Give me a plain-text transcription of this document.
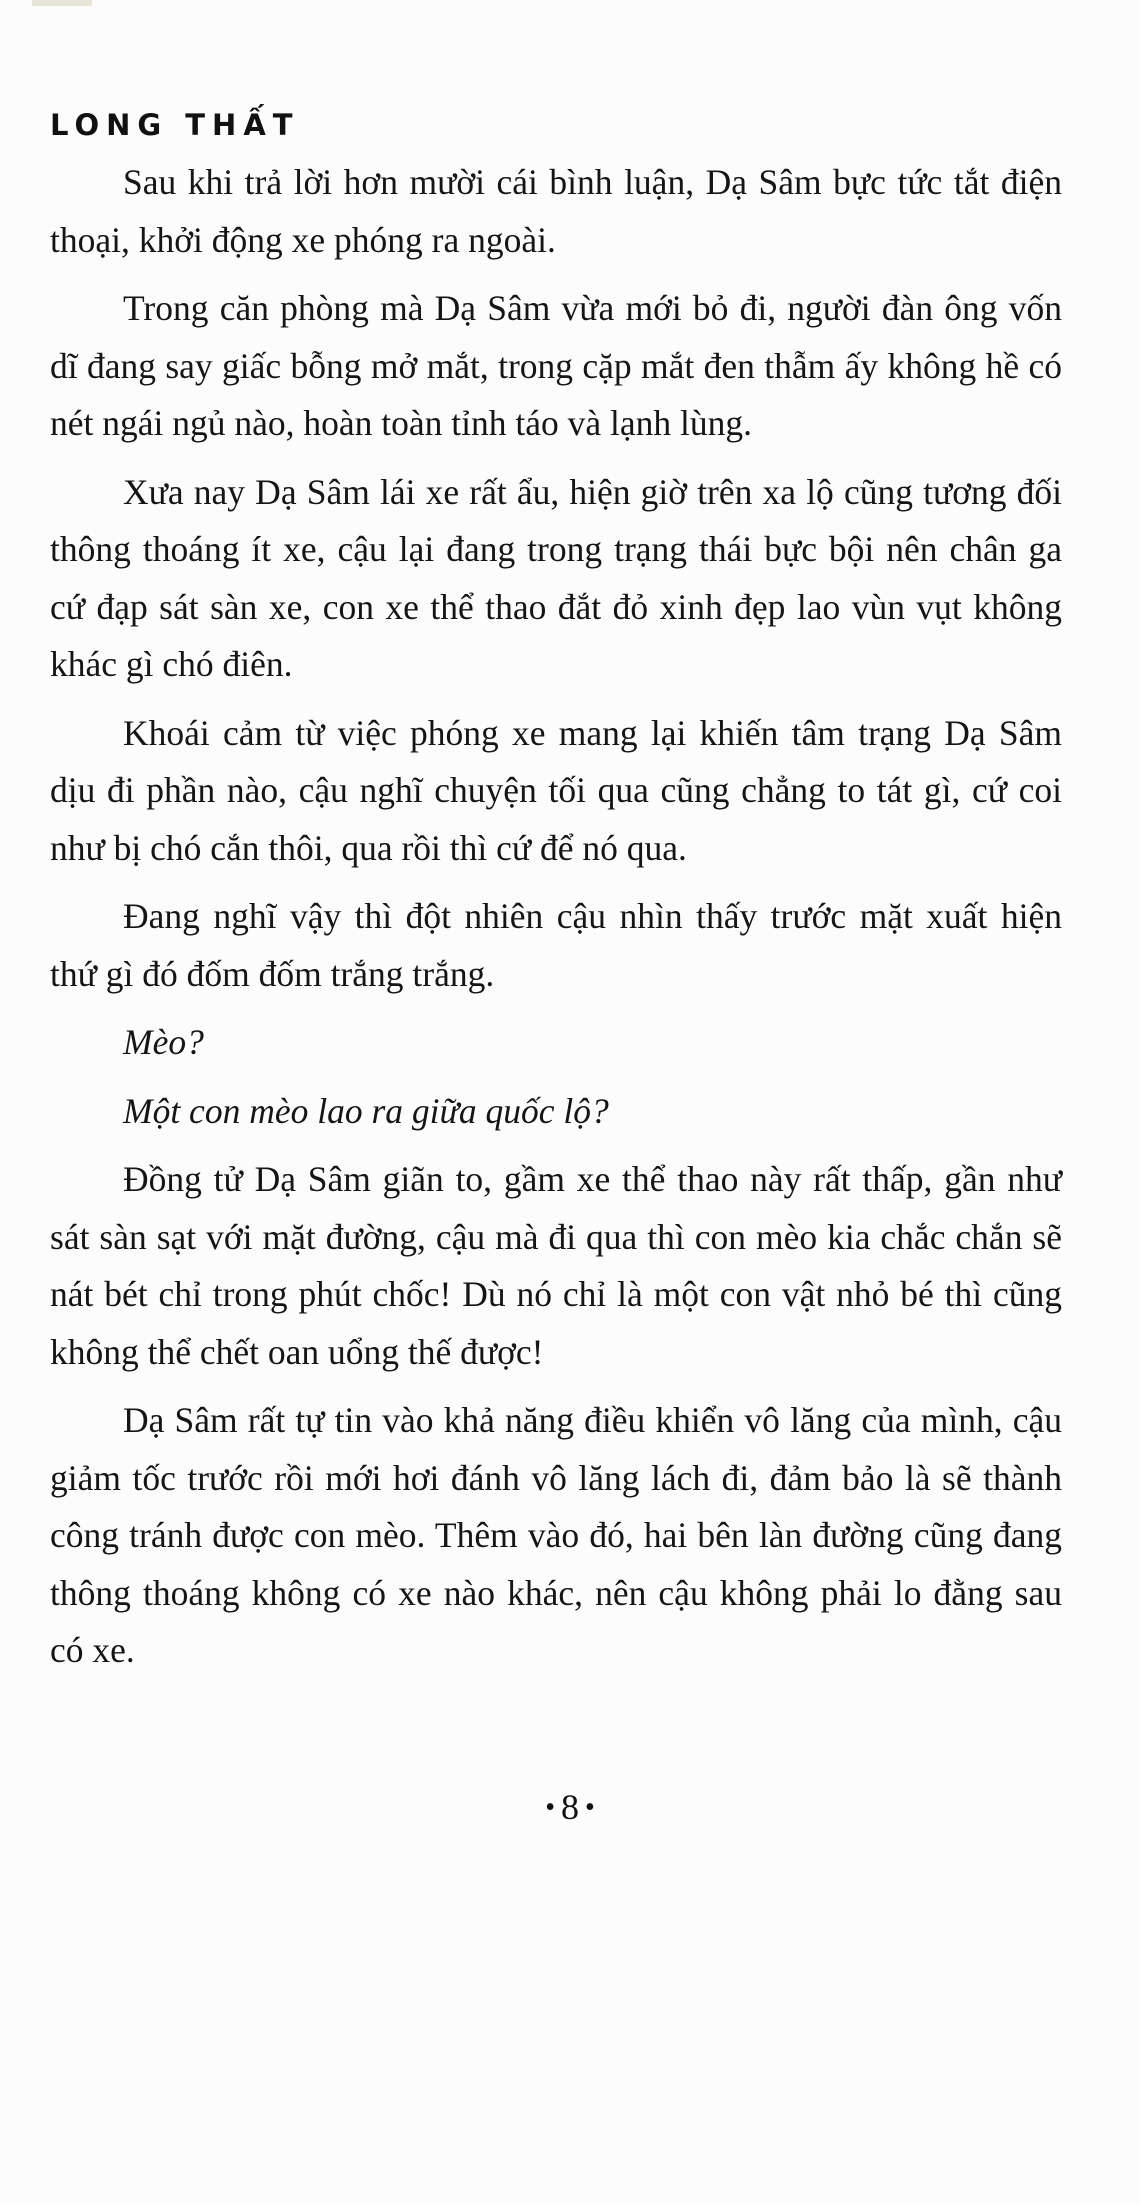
LONG THẤT

Sau khi trả lời hơn mười cái bình luận, Dạ Sâm bực tức tắt điện thoại, khởi động xe phóng ra ngoài.

Trong căn phòng mà Dạ Sâm vừa mới bỏ đi, người đàn ông vốn dĩ đang say giấc bỗng mở mắt, trong cặp mắt đen thẫm ấy không hề có nét ngái ngủ nào, hoàn toàn tỉnh táo và lạnh lùng.

Xưa nay Dạ Sâm lái xe rất ẩu, hiện giờ trên xa lộ cũng tương đối thông thoáng ít xe, cậu lại đang trong trạng thái bực bội nên chân ga cứ đạp sát sàn xe, con xe thể thao đắt đỏ xinh đẹp lao vùn vụt không khác gì chó điên.

Khoái cảm từ việc phóng xe mang lại khiến tâm trạng Dạ Sâm dịu đi phần nào, cậu nghĩ chuyện tối qua cũng chẳng to tát gì, cứ coi như bị chó cắn thôi, qua rồi thì cứ để nó qua.

Đang nghĩ vậy thì đột nhiên cậu nhìn thấy trước mặt xuất hiện thứ gì đó đốm đốm trắng trắng.

Mèo?

Một con mèo lao ra giữa quốc lộ?

Đồng tử Dạ Sâm giãn to, gầm xe thể thao này rất thấp, gần như sát sàn sạt với mặt đường, cậu mà đi qua thì con mèo kia chắc chắn sẽ nát bét chỉ trong phút chốc! Dù nó chỉ là một con vật nhỏ bé thì cũng không thể chết oan uổng thế được!

Dạ Sâm rất tự tin vào khả năng điều khiển vô lăng của mình, cậu giảm tốc trước rồi mới hơi đánh vô lăng lách đi, đảm bảo là sẽ thành công tránh được con mèo. Thêm vào đó, hai bên làn đường cũng đang thông thoáng không có xe nào khác, nên cậu không phải lo đằng sau có xe.

• 8 •
